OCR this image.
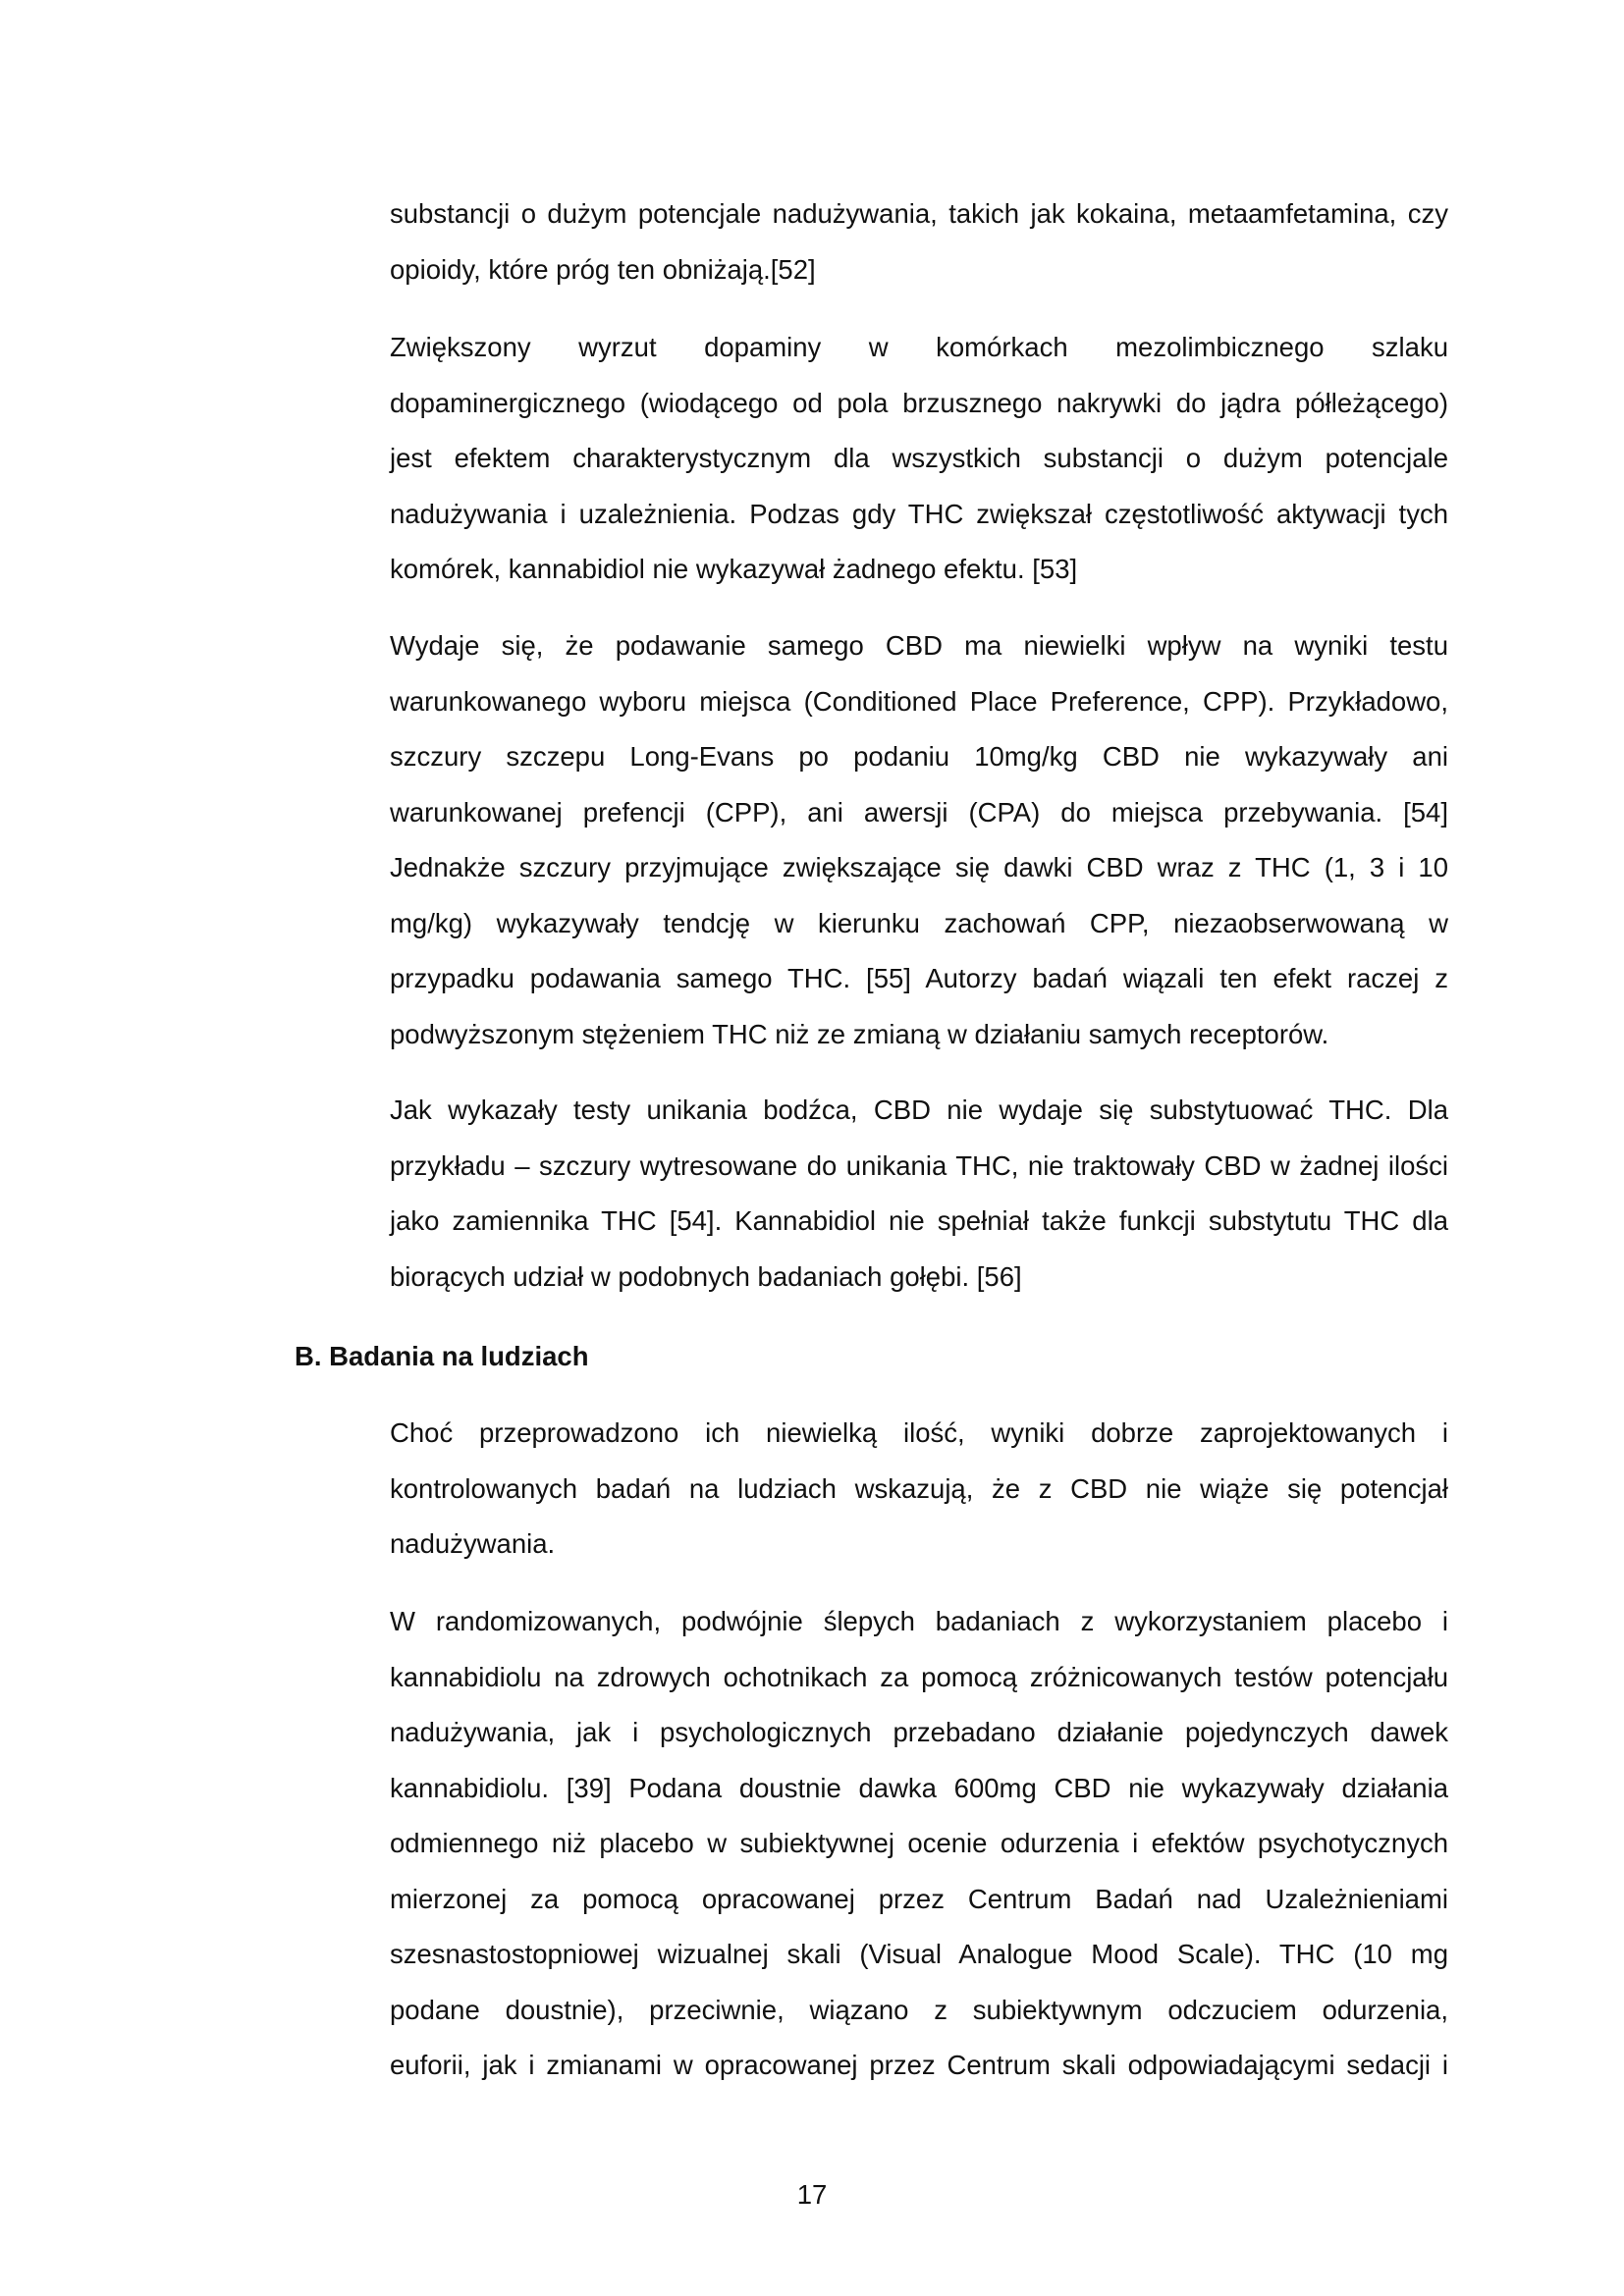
substancji o dużym potencjale nadużywania, takich jak kokaina, metaamfetamina, czy
opioidy, które próg ten obniżają.[52]
Zwiększony wyrzut dopaminy w komórkach mezolimbicznego szlaku
dopaminergicznego (wiodącego od pola brzusznego nakrywki do jądra półleżącego)
jest efektem charakterystycznym dla wszystkich substancji o dużym potencjale
nadużywania i uzależnienia. Podzas gdy THC zwiększał częstotliwość aktywacji tych
komórek, kannabidiol nie wykazywał żadnego efektu. [53]
Wydaje się, że podawanie samego CBD ma niewielki wpływ na wyniki testu
warunkowanego wyboru miejsca (Conditioned Place Preference, CPP). Przykładowo,
szczury szczepu Long-Evans po podaniu 10mg/kg CBD nie wykazywały ani
warunkowanej prefencji (CPP), ani awersji (CPA) do miejsca przebywania. [54]
Jednakże szczury przyjmujące zwiększające się dawki CBD wraz z THC (1, 3 i 10
mg/kg) wykazywały tendcję w kierunku zachowań CPP, niezaobserwowaną w
przypadku podawania samego THC. [55] Autorzy badań wiązali ten efekt raczej z
podwyższonym stężeniem THC niż ze zmianą w działaniu samych receptorów.
Jak wykazały testy unikania bodźca, CBD nie wydaje się substytuować THC. Dla
przykładu – szczury wytresowane do unikania THC, nie traktowały CBD w żadnej ilości
jako zamiennika THC [54]. Kannabidiol nie spełniał także funkcji substytutu THC dla
biorących udział w podobnych badaniach gołębi. [56]
B. Badania na ludziach
Choć przeprowadzono ich niewielką ilość, wyniki dobrze zaprojektowanych i
kontrolowanych badań na ludziach wskazują, że z CBD nie wiąże się potencjał
nadużywania.
W randomizowanych, podwójnie ślepych badaniach z wykorzystaniem placebo i
kannabidiolu na zdrowych ochotnikach za pomocą zróżnicowanych testów potencjału
nadużywania, jak i psychologicznych przebadano działanie pojedynczych dawek
kannabidiolu. [39] Podana doustnie dawka 600mg CBD nie wykazywały działania
odmiennego niż placebo w subiektywnej ocenie odurzenia i efektów psychotycznych
mierzonej za pomocą opracowanej przez Centrum Badań nad Uzależnieniami
szesnastostopniowej wizualnej skali (Visual Analogue Mood Scale). THC (10 mg
podane doustnie), przeciwnie, wiązano z subiektywnym odczuciem odurzenia,
euforii, jak i zmianami w opracowanej przez Centrum skali odpowiadającymi sedacji i
17
